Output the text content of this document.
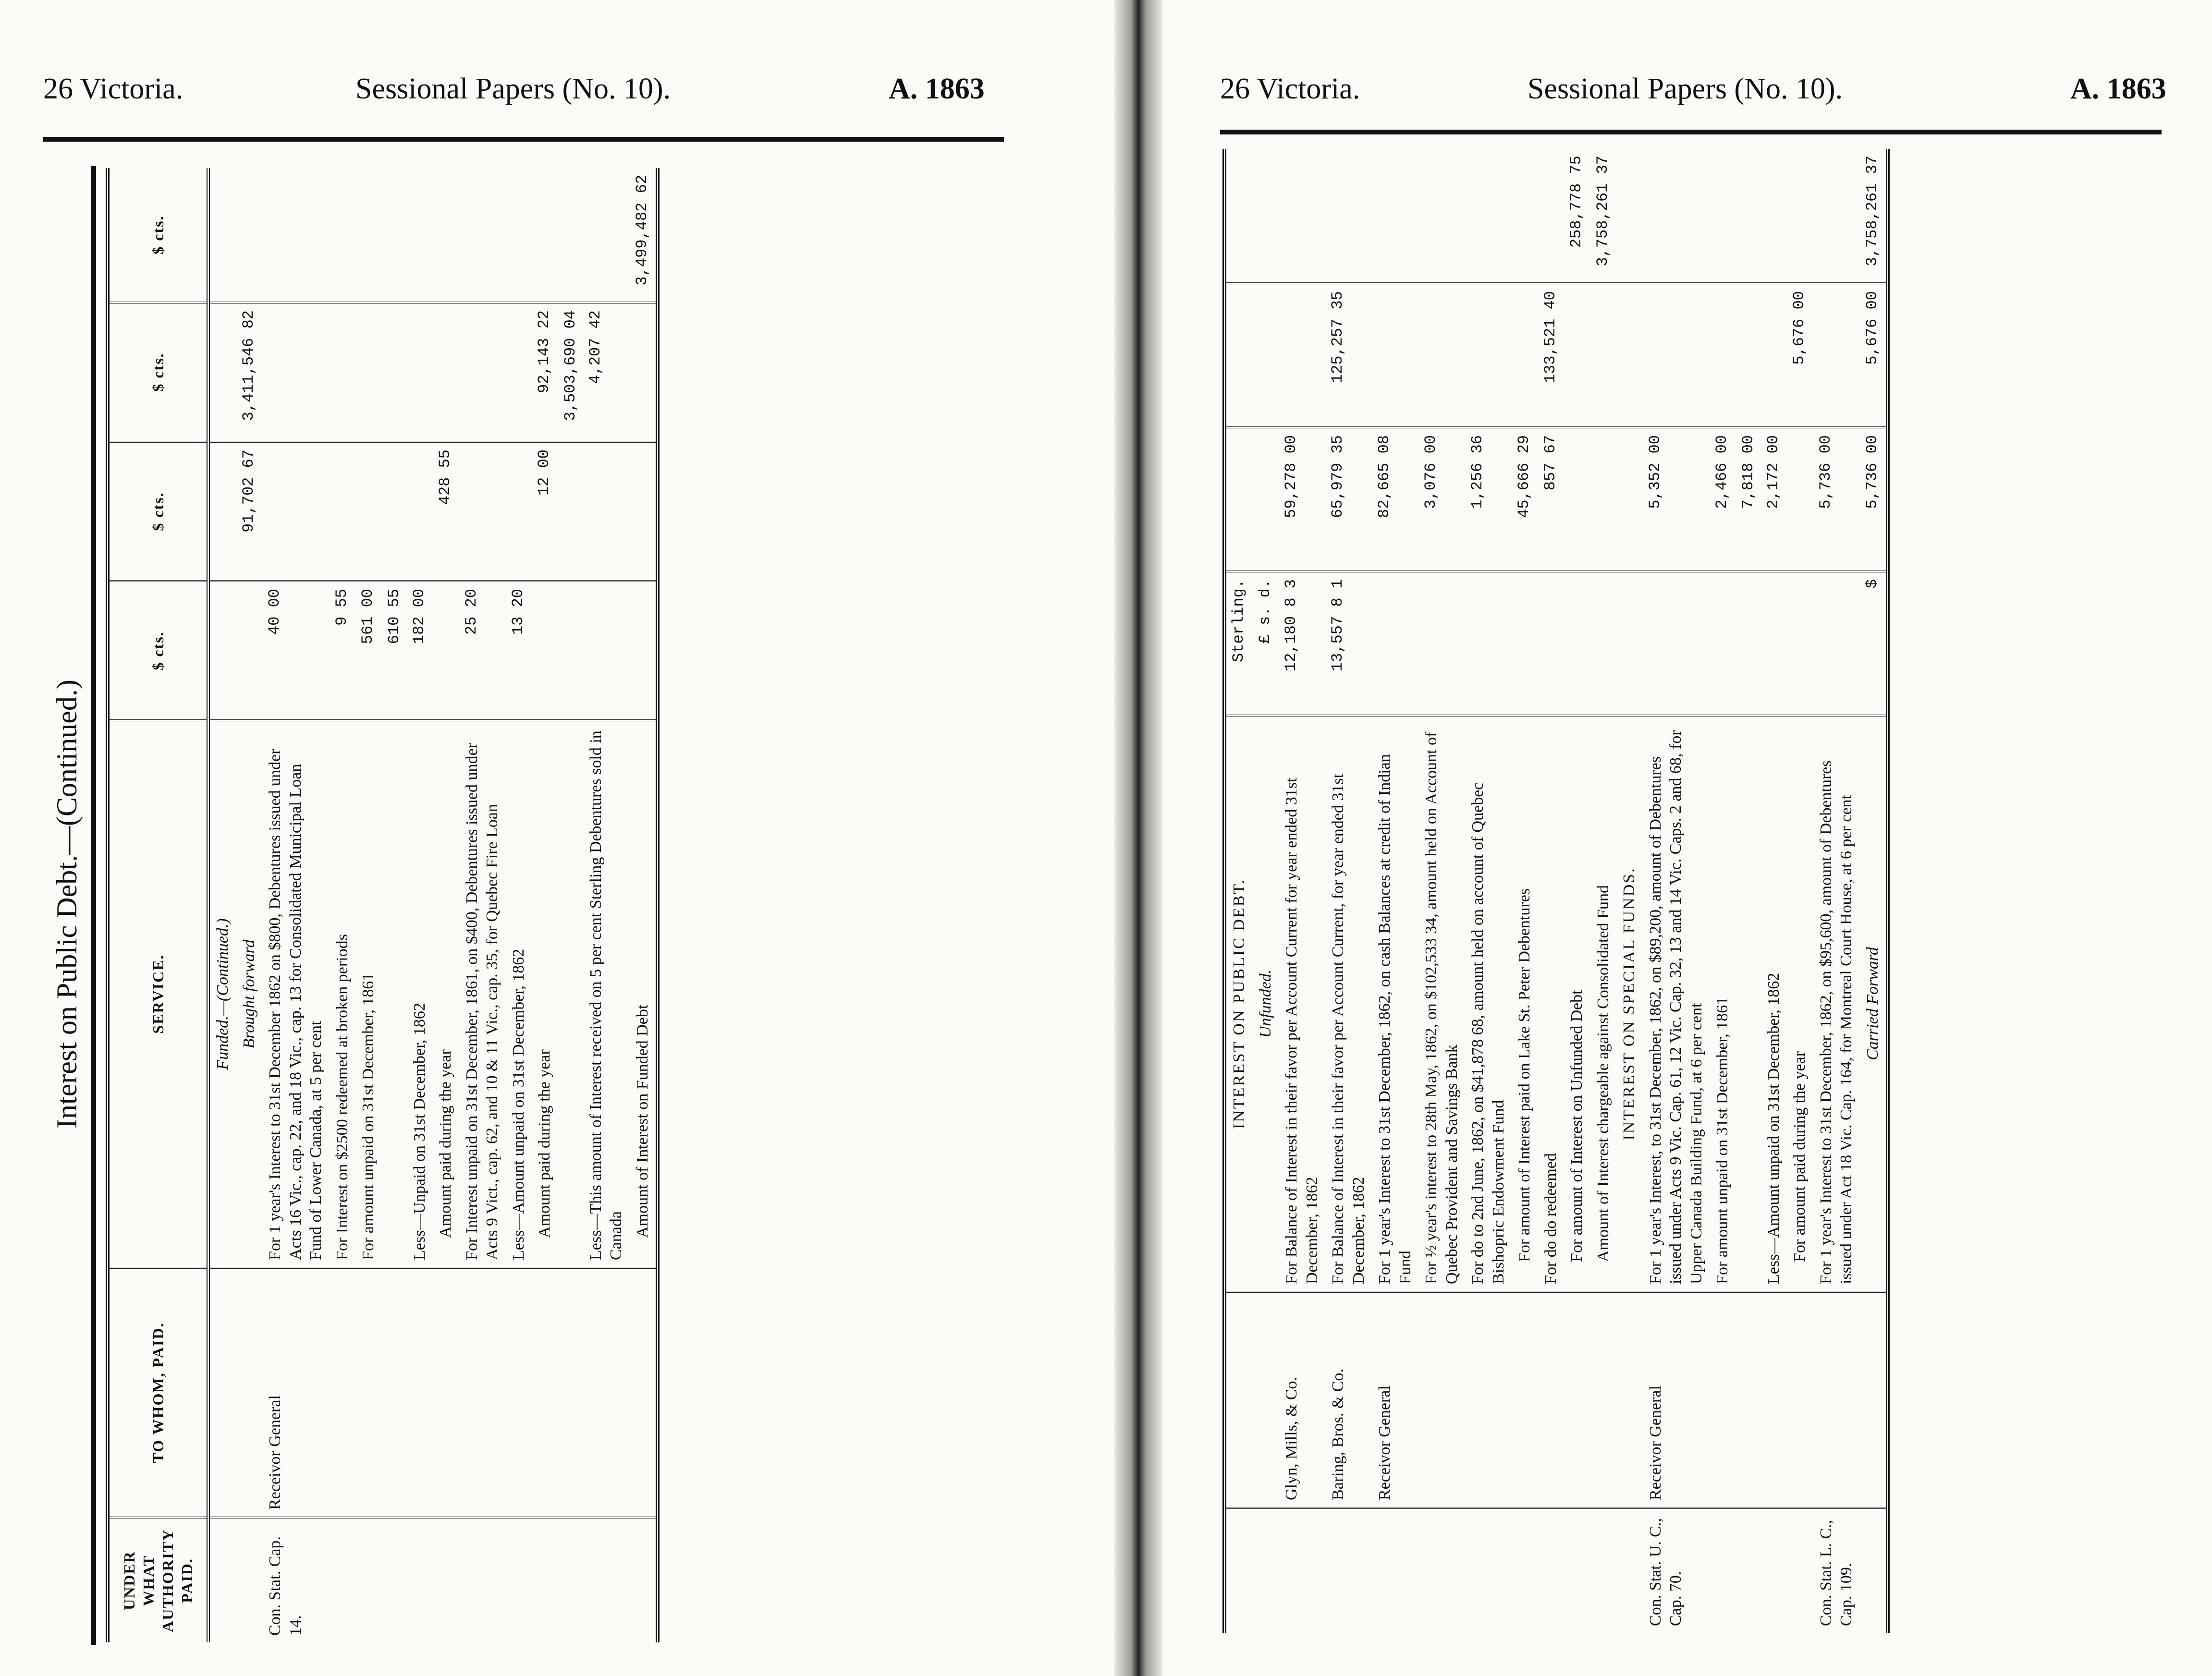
26 Victoria.	Sessional Papers (No. 10).	A. 1863
Interest on Public Debt.—(Continued.)
UNDER WHAT AUTHORITY PAID.	TO WHOM, PAID.	SERVICE.	$ cts.	$ cts.	$ cts.	$ cts.
		Funded.—(Continued.)				
		Brought forward		91,702 67	3,411,546 82	
Con. Stat. Cap. 14.	Receivor General	For 1 year's Interest to 31st December 1862 on $800, Debentures issued under Acts 16 Vic., cap. 22, and 18 Vic., cap. 13 for Consolidated Municipal Loan Fund of Lower Canada, at 5 per cent	40 00			
		For Interest on $2500 redeemed at broken periods	9 55			
		For amount unpaid on 31st December, 1861	561 00			
			610 55			
		Less—Unpaid on 31st December, 1862	182 00			
		Amount paid during the year		428 55		
		For Interest unpaid on 31st December, 1861, on $400, Debentures issued under Acts 9 Vict., cap. 62, and 10 & 11 Vic., cap. 35, for Quebec Fire Loan	25 20			
		Less—Amount unpaid on 31st December, 1862	13 20			
		Amount paid during the year		12 00	92,143 22	
					3,503,690 04	
		Less—This amount of Interest received on 5 per cent Sterling Debentures sold in Canada			4,207 42	
		Amount of Interest on Funded Debt				3,499,482 62
26 Victoria.	Sessional Papers (No. 10).	A. 1863
		INTEREST ON PUBLIC DEBT.	Sterling.			
		Unfunded.	£ s. d.			
	Glyn, Mills, & Co.	For Balance of Interest in their favor per Account Current for year ended 31st December, 1862	12,180 8 3	59,278 00		
	Baring, Bros. & Co.	For Balance of Interest in their favor per Account Current, for year ended 31st December, 1862	13,557 8 1	65,979 35	125,257 35	
	Receivor General	For 1 year's Interest to 31st December, 1862, on cash Balances at credit of Indian Fund		82,665 08		
		For ½ year's interest to 28th May, 1862, on $102,533 34, amount held on Account of Quebec Provident and Savings Bank		3,076 00		
		For do to 2nd June, 1862, on $41,878 68, amount held on account of Quebec Bishopric Endowment Fund		1,256 36		
		For amount of Interest paid on Lake St. Peter Debentures		45,666 29		
		For do do redeemed		857 67	133,521 40	
		For amount of Interest on Unfunded Debt				258,778 75
		Amount of Interest chargeable against Consolidated Fund				3,758,261 37
		INTEREST ON SPECIAL FUNDS.				
Con. Stat. U. C., Cap. 70.	Receivor General	For 1 year's Interest, to 31st December, 1862, on $89,200, amount of Debentures issued under Acts 9 Vic. Cap. 61, 12 Vic. Cap. 32, 13 and 14 Vic. Caps. 2 and 68, for Upper Canada Building Fund, at 6 per cent		5,352 00		
		For amount unpaid on 31st December, 1861		2,466 00		
				7,818 00		
		Less—Amount unpaid on 31st December, 1862		2,172 00		
		For amount paid during the year			5,676 00	
Con. Stat. L. C., Cap. 109.		For 1 year's Interest to 31st December, 1862, on $95,600, amount of Debentures issued under Act 18 Vic. Cap. 164, for Montreal Court House, at 6 per cent		5,736 00		
		Carried Forward	$	5,736 00	5,676 00	3,758,261 37
